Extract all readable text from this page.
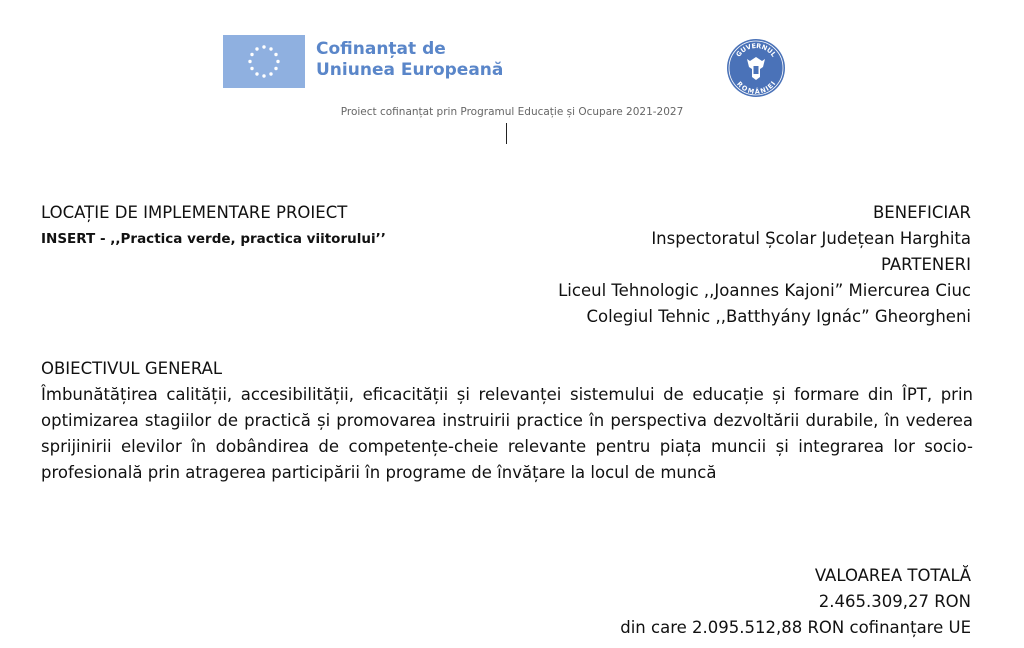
Cofinanțat de
Uniunea Europeană
GUVERNUL
ROMÂNIEI
Proiect cofinanțat prin Programul Educație și Ocupare 2021-2027
LOCAȚIE DE IMPLEMENTARE PROIECT
INSERT - ,,Practica verde, practica viitorului’’
BENEFICIAR
Inspectoratul Școlar Județean Harghita
PARTENERI
Liceul Tehnologic ,,Joannes Kajoni” Miercurea Ciuc
Colegiul Tehnic ,,Batthyány Ignác” Gheorgheni
OBIECTIVUL GENERAL
Îmbunătățirea calității, accesibilității, eficacității și relevanței sistemului de educație și formare din ÎPT, prin optimizarea stagiilor de practică și promovarea instruirii practice în perspectiva dezvoltării durabile, în vederea sprijinirii elevilor în dobândirea de competențe-cheie relevante pentru piața muncii și integrarea lor socio-profesională prin atragerea participării în programe de învățare la locul de muncă
VALOAREA TOTALĂ
2.465.309,27 RON
din care 2.095.512,88 RON cofinanțare UE
